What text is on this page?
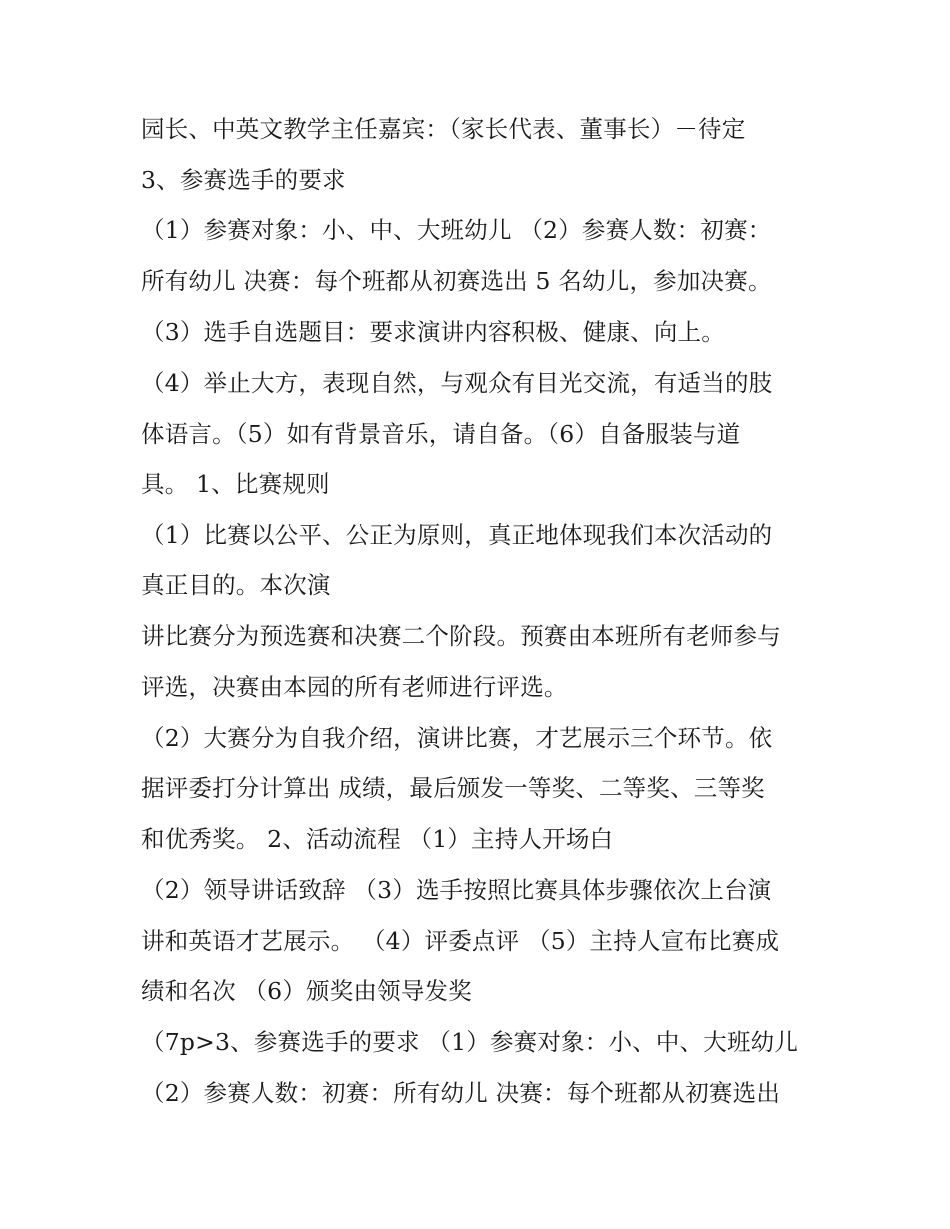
园长、中英文教学主任嘉宾：（家长代表、董事长）－待定
3、参赛选手的要求
（1）参赛对象：小、中、大班幼儿 （2）参赛人数：初赛：
所有幼儿 决赛：每个班都从初赛选出 5 名幼儿，参加决赛。
（3）选手自选题目：要求演讲内容积极、健康、向上。
（4）举止大方，表现自然，与观众有目光交流，有适当的肢
体语言。（5）如有背景音乐，请自备。（6）自备服装与道
具。 1、比赛规则
（1）比赛以公平、公正为原则，真正地体现我们本次活动的
真正目的。本次演
讲比赛分为预选赛和决赛二个阶段。预赛由本班所有老师参与
评选，决赛由本园的所有老师进行评选。
（2）大赛分为自我介绍，演讲比赛，才艺展示三个环节。依
据评委打分计算出 成绩，最后颁发一等奖、二等奖、三等奖
和优秀奖。 2、活动流程 （1）主持人开场白
（2）领导讲话致辞 （3）选手按照比赛具体步骤依次上台演
讲和英语才艺展示。 （4）评委点评 （5）主持人宣布比赛成
绩和名次 （6）颁奖由领导发奖
（7p>3、参赛选手的要求 （1）参赛对象：小、中、大班幼儿
（2）参赛人数：初赛：所有幼儿 决赛：每个班都从初赛选出
